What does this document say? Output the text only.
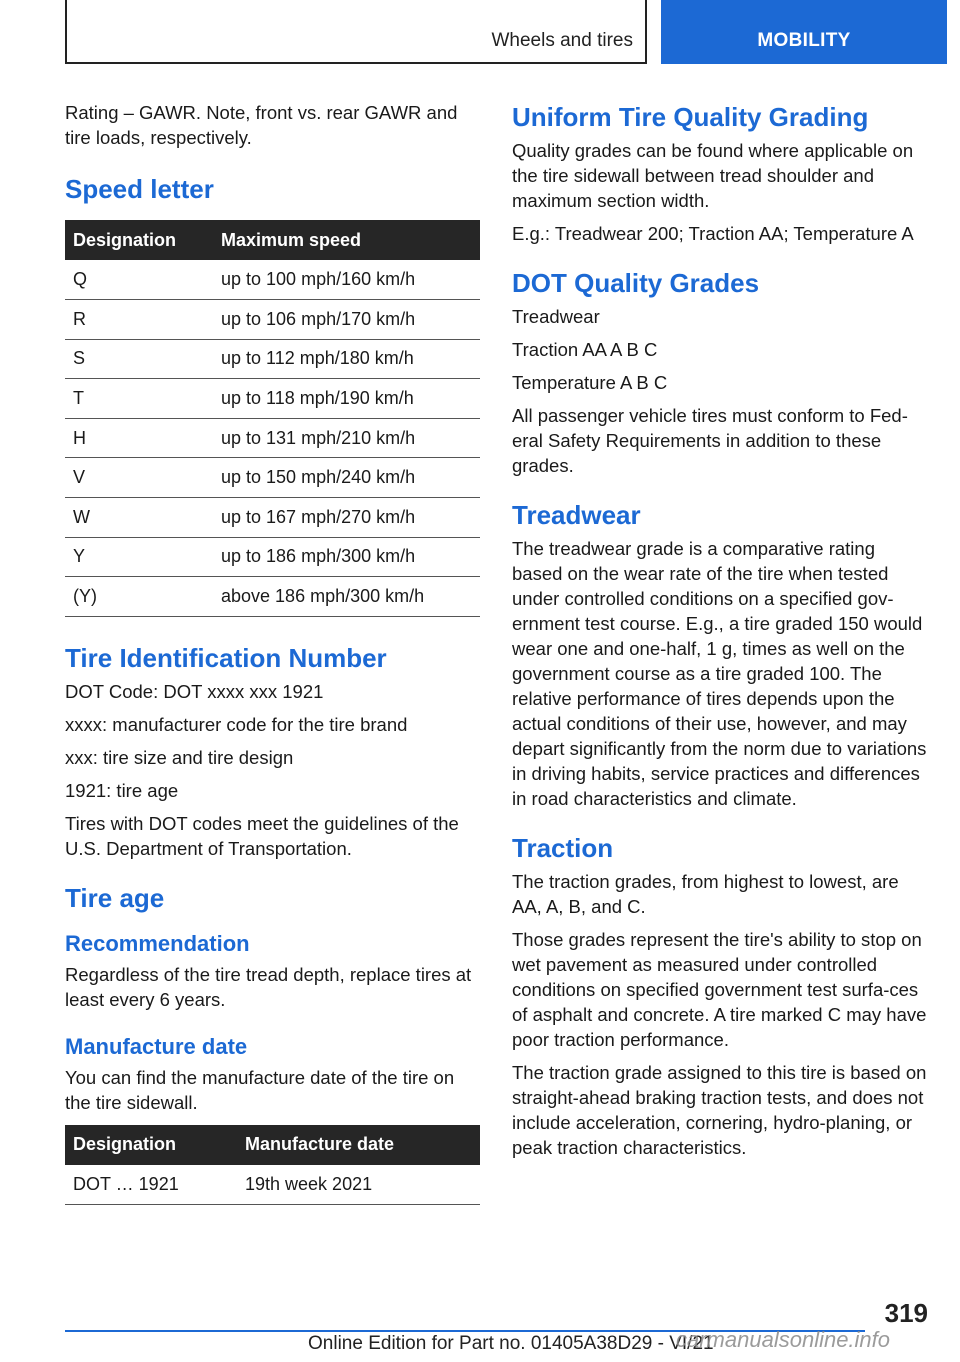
Wheels and tires	MOBILITY

Rating – GAWR. Note, front vs. rear GAWR and tire loads, respectively.

Speed letter
Designation	Maximum speed
Q	up to 100 mph/160 km/h
R	up to 106 mph/170 km/h
S	up to 112 mph/180 km/h
T	up to 118 mph/190 km/h
H	up to 131 mph/210 km/h
V	up to 150 mph/240 km/h
W	up to 167 mph/270 km/h
Y	up to 186 mph/300 km/h
(Y)	above 186 mph/300 km/h
Tire Identification Number

DOT Code: DOT xxxx xxx 1921

xxxx: manufacturer code for the tire brand

xxx: tire size and tire design

1921: tire age

Tires with DOT codes meet the guidelines of the U.S. Department of Transportation.

Tire age
Recommendation

Regardless of the tire tread depth, replace tires at least every 6 years.

Manufacture date

You can find the manufacture date of the tire on the tire sidewall.

Designation	Manufacture date
DOT … 1921	19th week 2021
Uniform Tire Quality Grading

Quality grades can be found where applicable on the tire sidewall between tread shoulder and maximum section width.

E.g.: Treadwear 200; Traction AA; Temperature A

DOT Quality Grades

Treadwear

Traction AA A B C

Temperature A B C

All passenger vehicle tires must conform to Fed‐eral Safety Requirements in addition to these grades.

Treadwear

The treadwear grade is a comparative rating based on the wear rate of the tire when tested under controlled conditions on a specified gov‐ernment test course. E.g., a tire graded 150 would wear one and one-half, 1 g, times as well on the government course as a tire graded 100. The relative performance of tires depends upon the actual conditions of their use, however, and may depart significantly from the norm due to variations in driving habits, service practices and differences in road characteristics and climate.

Traction

The traction grades, from highest to lowest, are AA, A, B, and C.

Those grades represent the tire's ability to stop on wet pavement as measured under controlled conditions on specified government test surfa‐ces of asphalt and concrete. A tire marked C may have poor traction performance.

The traction grade assigned to this tire is based on straight-ahead braking traction tests, and does not include acceleration, cornering, hydro‐planing, or peak traction characteristics.

319
Online Edition for Part no. 01405A38D29 - VI/21
carmanualsonline.info
